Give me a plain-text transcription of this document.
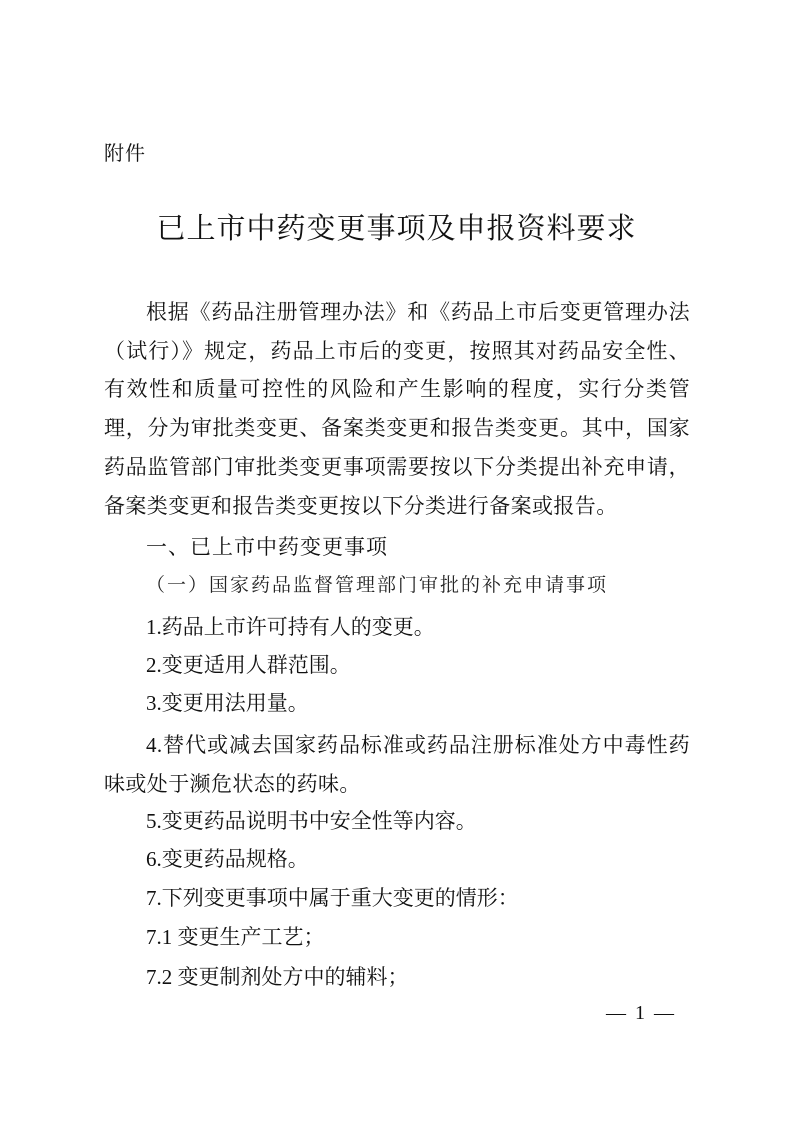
附件
已上市中药变更事项及申报资料要求

根据《药品注册管理办法》和《药品上市后变更管理办法（试行）》规定，药品上市后的变更，按照其对药品安全性、有效性和质量可控性的风险和产生影响的程度，实行分类管理，分为审批类变更、备案类变更和报告类变更。其中，国家药品监管部门审批类变更事项需要按以下分类提出补充申请，备案类变更和报告类变更按以下分类进行备案或报告。

一、已上市中药变更事项
（一）国家药品监督管理部门审批的补充申请事项
1.药品上市许可持有人的变更。
2.变更适用人群范围。
3.变更用法用量。

4.替代或减去国家药品标准或药品注册标准处方中毒性药味或处于濒危状态的药味。

5.变更药品说明书中安全性等内容。
6.变更药品规格。
7.下列变更事项中属于重大变更的情形：
7.1 变更生产工艺；
7.2 变更制剂处方中的辅料；
— 1 —
